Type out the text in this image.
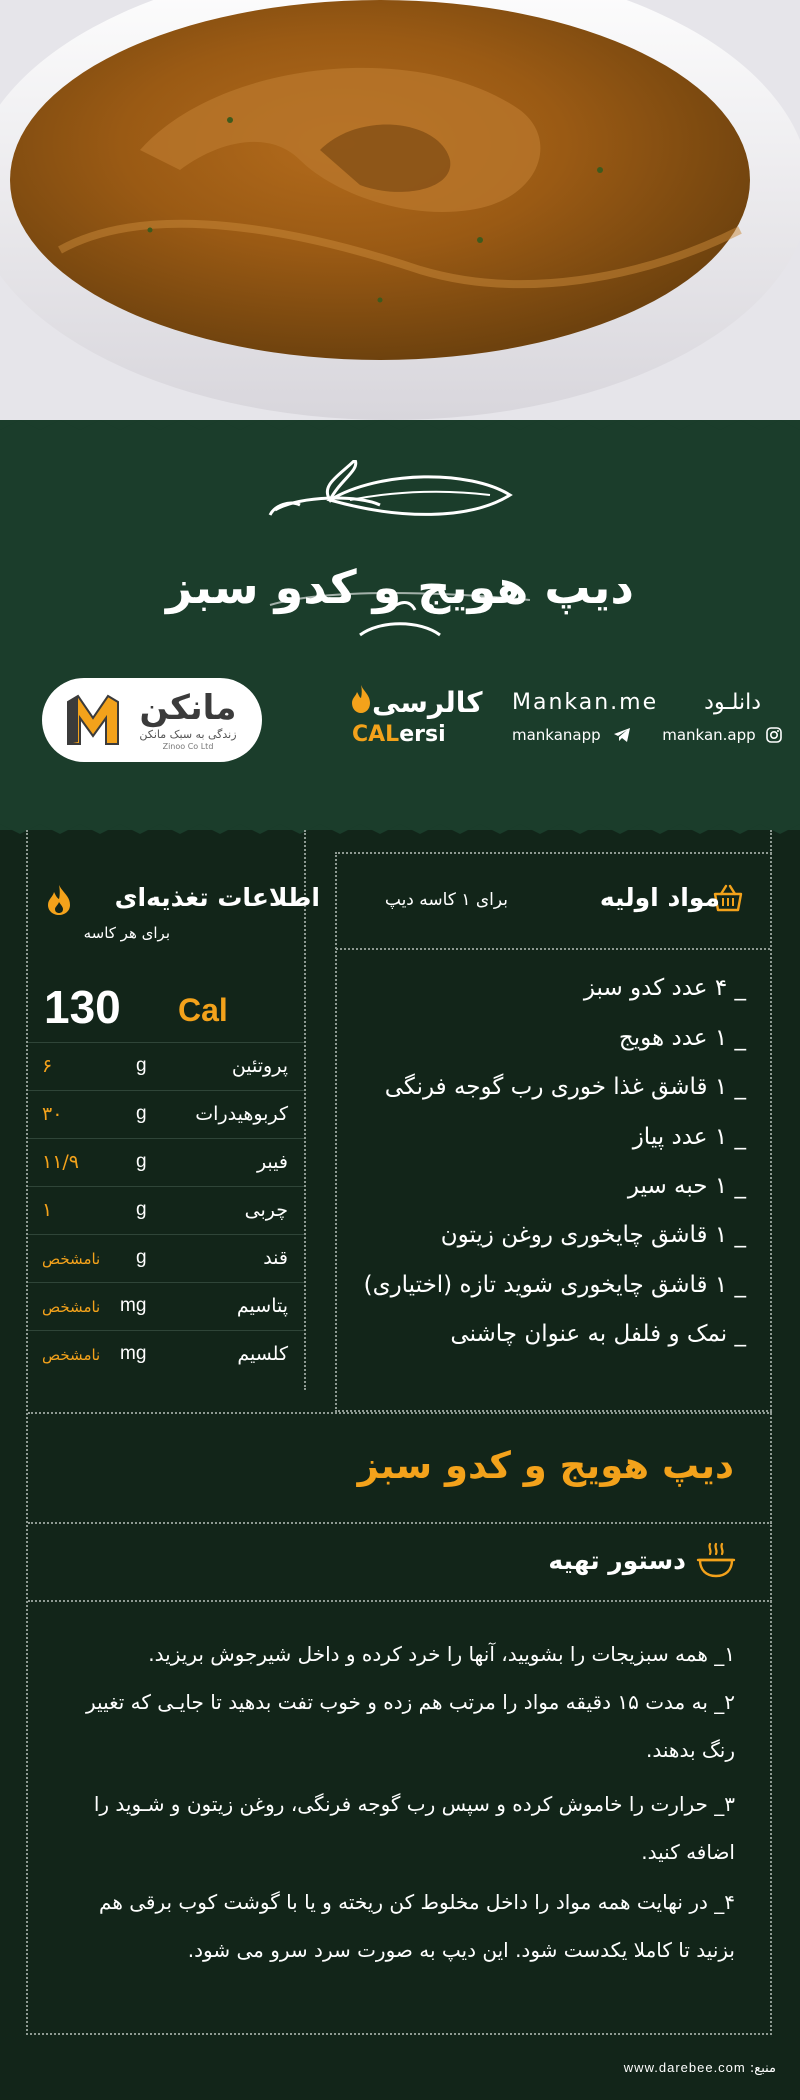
دیپ هویج و کدو سبز
مانکن
زندگی به سبک مانکن
Zinoo Co Ltd
کالرسی
CALersi
Mankan.me دانلـود
mankanapp	mankan.app
اطلاعات تغذیه‌ای
برای هر کاسه
130 Cal
پروتئین
g
۶
کربوهیدرات
g
۳۰
فیبر
g
۱۱/۹
چربی
g
۱
قند
g
نامشخص
پتاسیم
mg
نامشخص
کلسیم
mg
نامشخص
مواد اولیه
برای ۱ کاسه دیپ
_ ۴ عدد کدو سبز
_ ۱ عدد هویج
_ ۱ قاشق غذا خوری رب گوجه فرنگی
_ ۱ عدد پیاز
_ ۱ حبه سیر
_ ۱ قاشق چایخوری روغن زیتون
_ ۱ قاشق چایخوری شوید تازه (اختیاری)
_ نمک و فلفل به عنوان چاشنی
دیپ هویج و کدو سبز
دستور تهیه
۱_ همه سبزیجات را بشویید، آنها را خرد کرده و داخل شیرجوش بریزید.
۲_ به مدت ۱۵ دقیقه مواد را مرتب هم زده و خوب تفت بدهید تا جایـی که تغییر رنگ بدهند.
۳_ حرارت را خاموش کرده و سپس رب گوجه فرنگی، روغن زیتون و شـوید را اضافه کنید.
۴_ در نهایت همه مواد را داخل مخلوط کن ریخته و یا با گوشت کوب برقی هم بزنید تا کاملا یکدست شود. این دیپ به صورت سرد سرو می شود.
منبع: www.darebee.com
